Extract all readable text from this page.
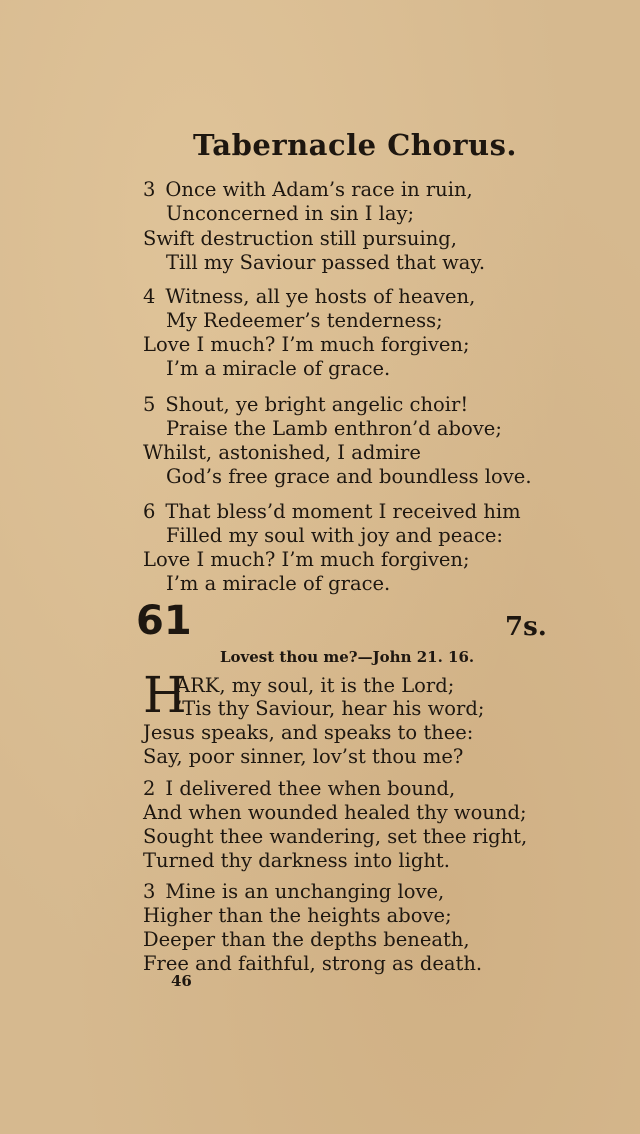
Tabernacle Chorus.
3 Once with Adam’s race in ruin,
Unconcerned in sin I lay;
Swift destruction still pursuing,
Till my Saviour passed that way.
4 Witness, all ye hosts of heaven,
My Redeemer’s tenderness;
Love I much? I’m much forgiven;
I’m a miracle of grace.
5 Shout, ye bright angelic choir!
Praise the Lamb enthron’d above;
Whilst, astonished, I admire
God’s free grace and boundless love.
6 That bless’d moment I received him
Filled my soul with joy and peace:
Love I much? I’m much forgiven;
I’m a miracle of grace.
61	7s.
Lovest thou me?—John 21. 16.
H
ARK, my soul, it is the Lord;
’Tis thy Saviour, hear his word;
Jesus speaks, and speaks to thee:
Say, poor sinner, lov’st thou me?
2 I delivered thee when bound,
And when wounded healed thy wound;
Sought thee wandering, set thee right,
Turned thy darkness into light.
3 Mine is an unchanging love,
Higher than the heights above;
Deeper than the depths beneath,
Free and faithful, strong as death.
46
